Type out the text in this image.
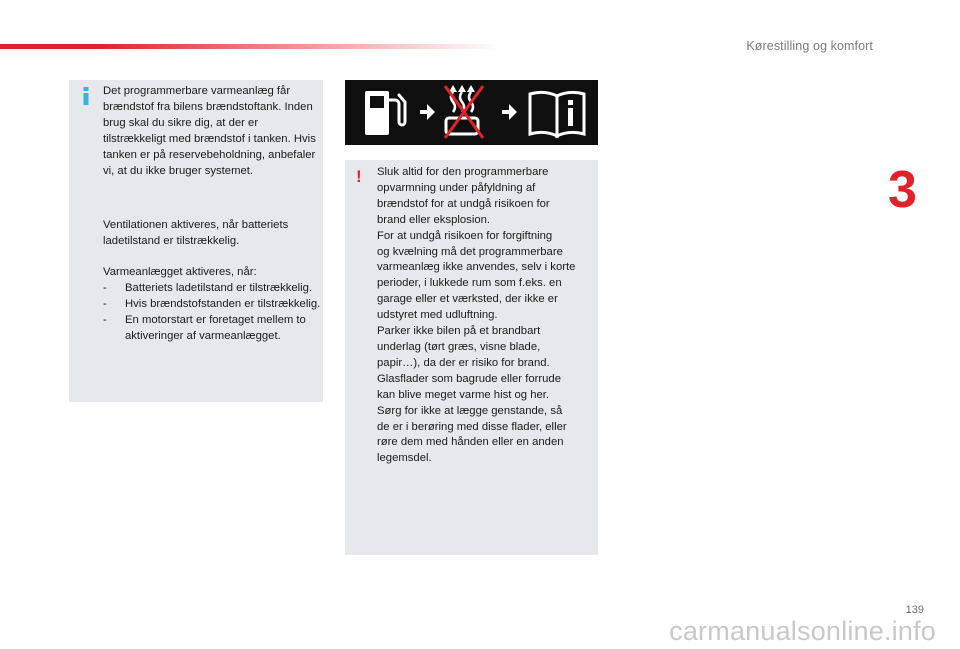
Kørestilling og komfort
3
Det programmerbare varmeanlæg får brændstof fra bilens brændstoftank. Inden brug skal du sikre dig, at der er tilstrækkeligt med brændstof i tanken. Hvis tanken er på reservebeholdning, anbefaler vi, at du ikke bruger systemet.
Ventilationen aktiveres, når batteriets ladetilstand er tilstrækkelig.
Varmeanlægget aktiveres, når:
- Batteriets ladetilstand er tilstrækkelig.
- Hvis brændstofstanden er tilstrækkelig.
- En motorstart er foretaget mellem to aktiveringer af varmeanlægget.
! Sluk altid for den programmerbare
opvarmning under påfyldning af
brændstof for at undgå risikoen for
brand eller eksplosion.
For at undgå risikoen for forgiftning
og kvælning må det programmerbare
varmeanlæg ikke anvendes, selv i korte
perioder, i lukkede rum som f.eks. en
garage eller et værksted, der ikke er
udstyret med udluftning.
Parker ikke bilen på et brandbart
underlag (tørt græs, visne blade,
papir…), da der er risiko for brand.
Glasflader som bagrude eller forrude
kan blive meget varme hist og her.
Sørg for ikke at lægge genstande, så
de er i berøring med disse flader, eller
røre dem med hånden eller en anden
legemsdel.
139
carmanualsonline.info
